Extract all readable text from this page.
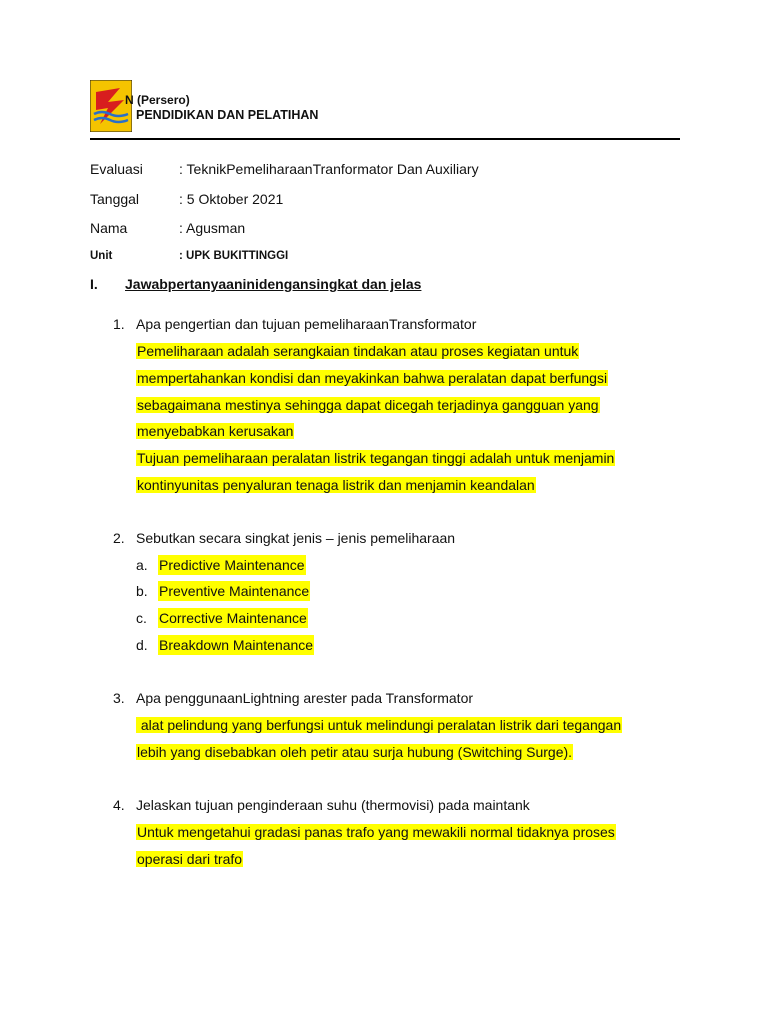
N (Persero)
PENDIDIKAN DAN PELATIHAN
Evaluasi	: TeknikPemeliharaanTranformator Dan Auxiliary
Tanggal	: 5 Oktober 2021
Nama	: Agusman
Unit	: UPK BUKITTINGGI
I. Jawabpertanyaaninidengansingkat dan jelas
1. Apa pengertian dan tujuan pemeliharaanTransformator
Pemeliharaan adalah serangkaian tindakan atau proses kegiatan untuk
mempertahankan kondisi dan meyakinkan bahwa peralatan dapat berfungsi
sebagaimana mestinya sehingga dapat dicegah terjadinya gangguan yang
menyebabkan kerusakan
Tujuan pemeliharaan peralatan listrik tegangan tinggi adalah untuk menjamin
kontinyunitas penyaluran tenaga listrik dan menjamin keandalan
2. Sebutkan secara singkat jenis – jenis pemeliharaan
a. Predictive Maintenance
b. Preventive Maintenance
c. Corrective Maintenance
d. Breakdown Maintenance
3. Apa penggunaanLightning arester pada Transformator
alat pelindung yang berfungsi untuk melindungi peralatan listrik dari tegangan
lebih yang disebabkan oleh petir atau surja hubung (Switching Surge).
4. Jelaskan tujuan penginderaan suhu (thermovisi) pada maintank
Untuk mengetahui gradasi panas trafo yang mewakili normal tidaknya proses
operasi dari trafo
